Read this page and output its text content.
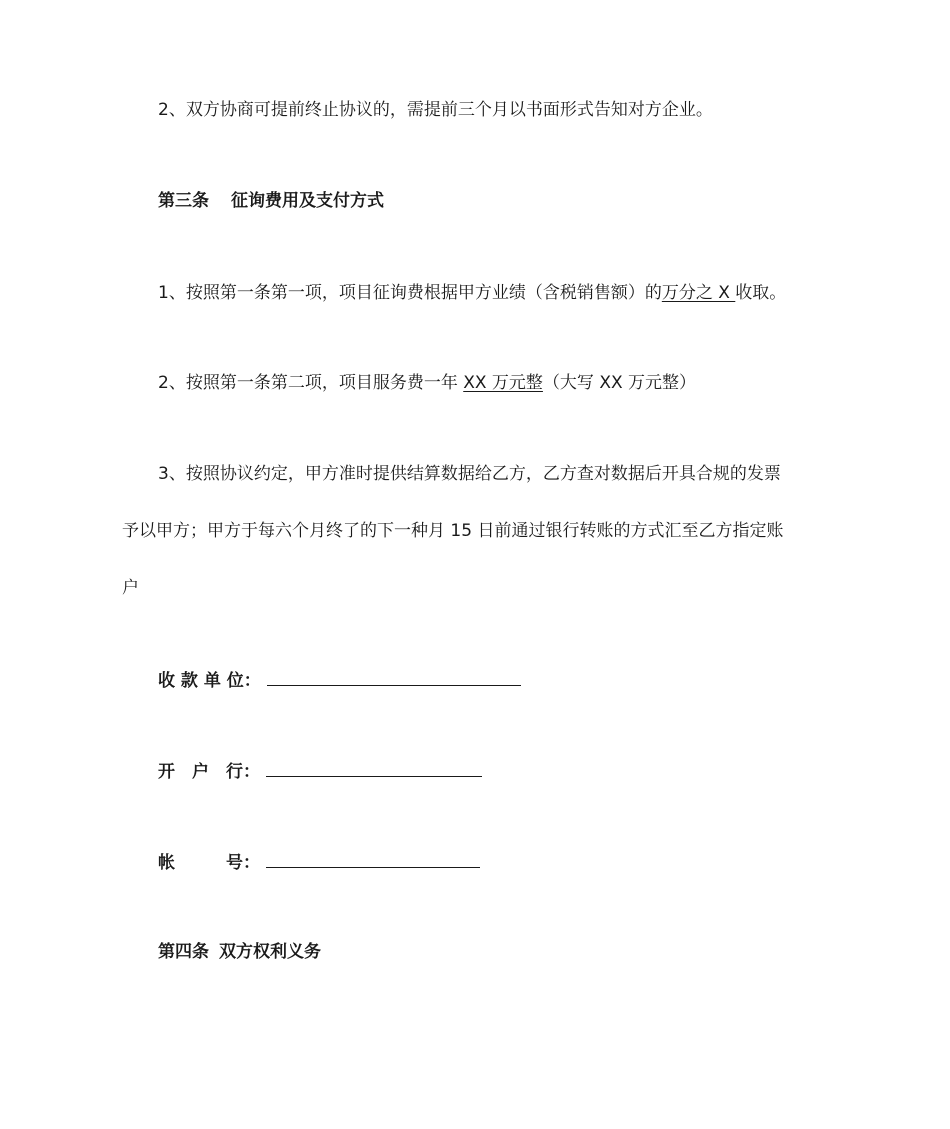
2、双方协商可提前终止协议的，需提前三个月以书面形式告知对方企业。
第三条 征询费用及支付方式
1、按照第一条第一项，项目征询费根据甲方业绩（含税销售额）的万分之 X 收取。
2、按照第一条第二项，项目服务费一年 XX 万元整（大写 XX 万元整）
3、按照协议约定，甲方准时提供结算数据给乙方，乙方查对数据后开具合规的发票
予以甲方；甲方于每六个月终了的下一种月 15 日前通过银行转账的方式汇至乙方指定账
户
收 款 单 位：
开　户　行：
帐　　　号：
第四条 双方权利义务
